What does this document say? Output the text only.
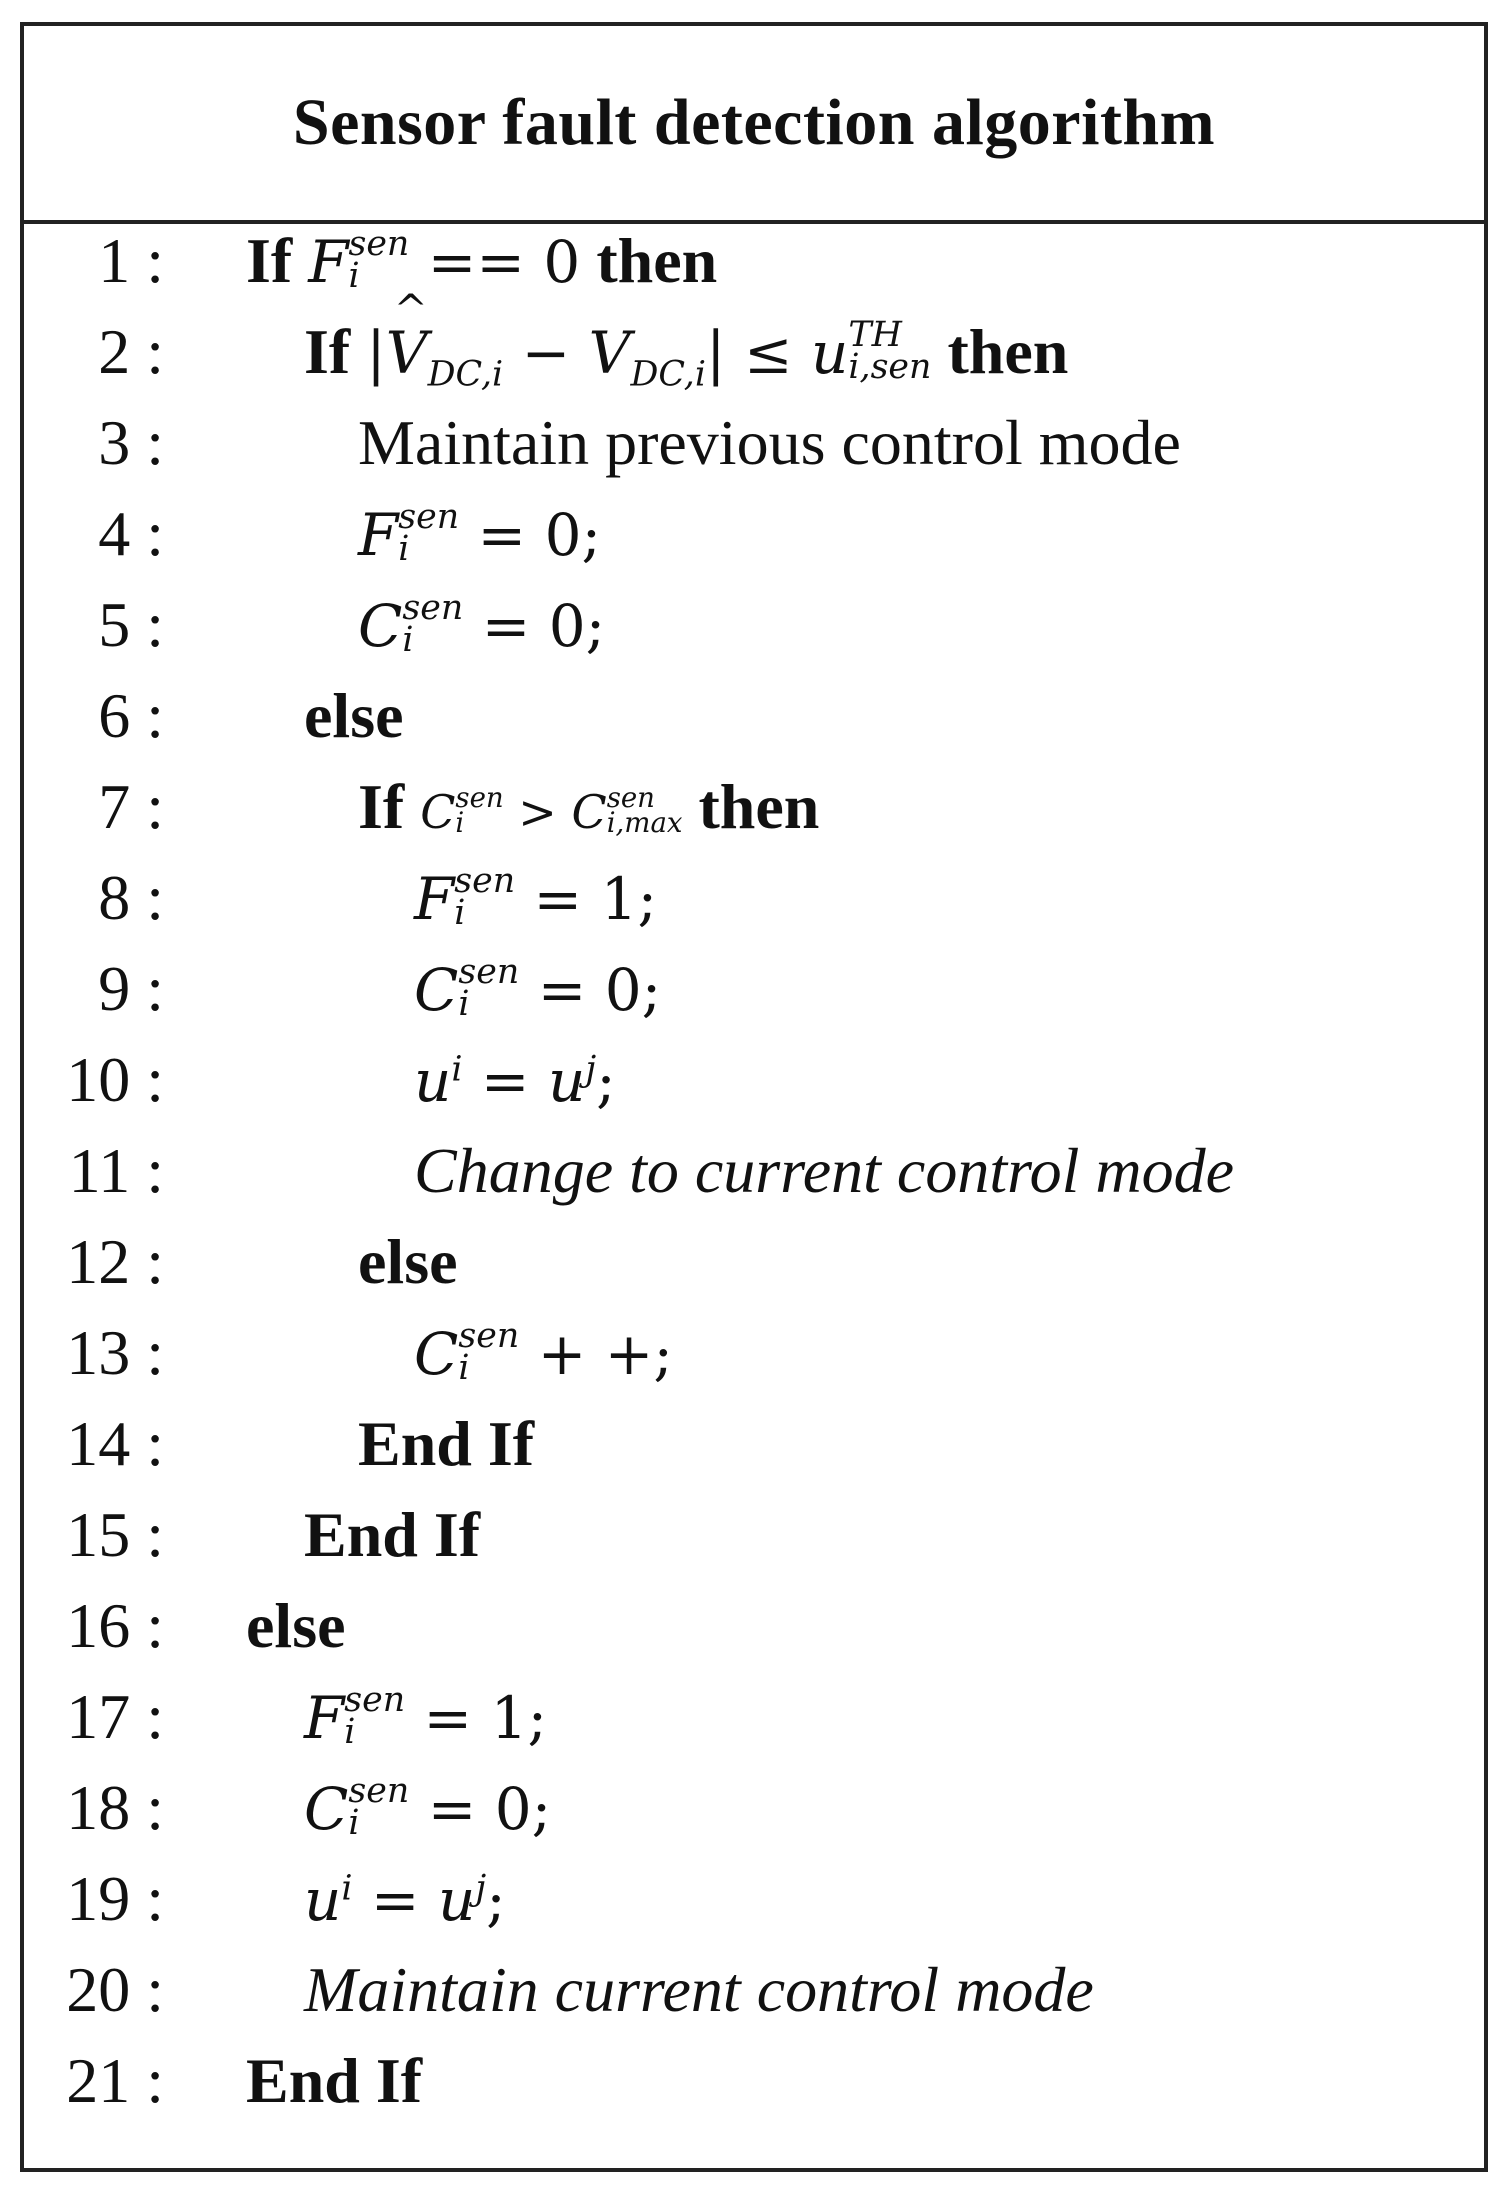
Sensor fault detection algorithm
1 : If F sen
i == 0 then
2 : If |^ $V_{DC,i} - V_{DC,i}| \le u$ TH
i,sen then
3 :	Maintain previous control mode
4 :	F sen
i = 0;
5 :	C sen
i = 0;
6 : else
7 :	If C sen
i > C sen
i,max then
8 :	F sen
i = 1;
9 :	C sen
i = 0;
10 :	$u^i = u^j$;
11 :	Change to current control mode
12 :	else
13 :	C sen
i + +;
14 :	End If
15 : End If
16 : else
17 : F sen
i = 1;
18 : C sen
i = 0;
19 : $u^i = u^j$;
20 : Maintain current control mode
21 : End If
